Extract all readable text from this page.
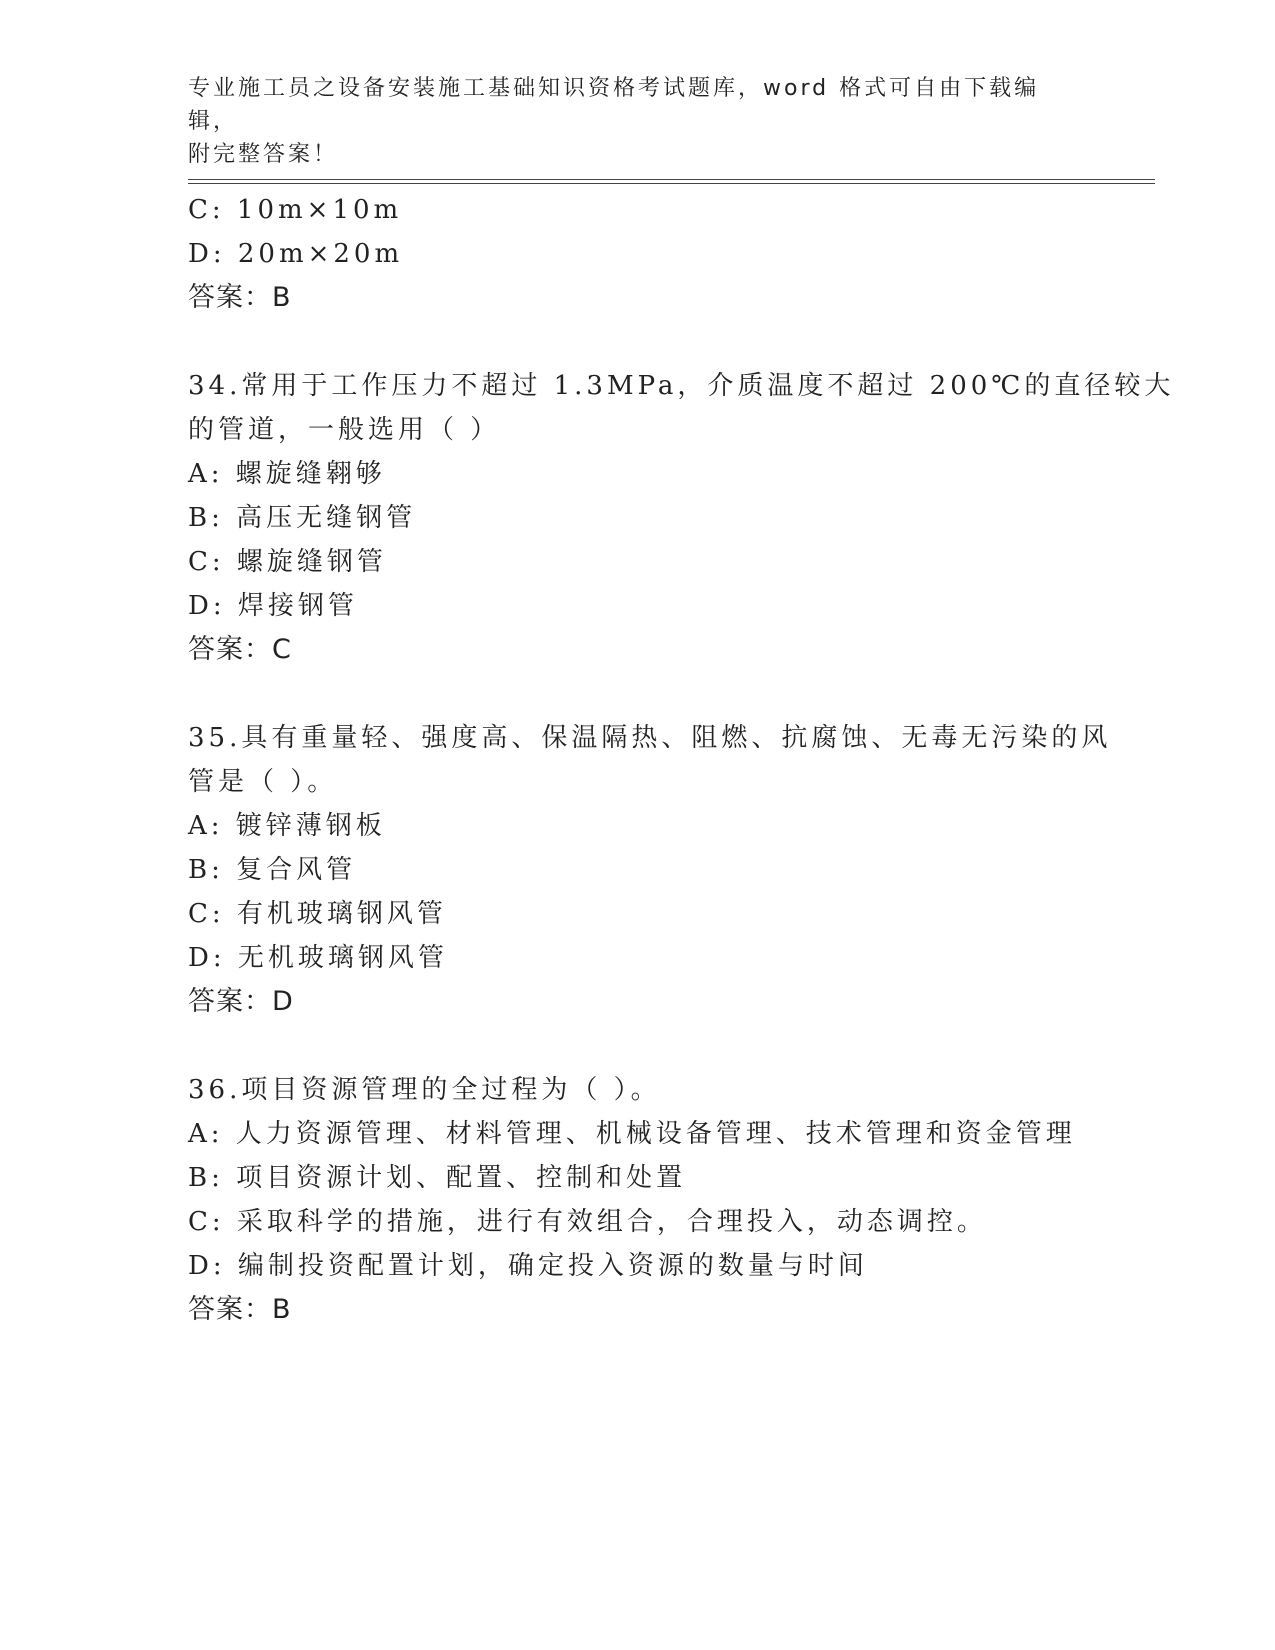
专业施工员之设备安装施工基础知识资格考试题库，word 格式可自由下载编辑，
附完整答案！
C: 10m×10m
D: 20m×20m
答案：B
34.常用于工作压力不超过 1.3MPa，介质温度不超过 200℃的直径较大
的管道，一般选用（ ）
A: 螺旋缝翱够
B: 高压无缝钢管
C: 螺旋缝钢管
D: 焊接钢管
答案：C
35.具有重量轻、强度高、保温隔热、阻燃、抗腐蚀、无毒无污染的风
管是（ ）。
A: 镀锌薄钢板
B: 复合风管
C: 有机玻璃钢风管
D: 无机玻璃钢风管
答案：D
36.项目资源管理的全过程为（ ）。
A: 人力资源管理、材料管理、机械设备管理、技术管理和资金管理
B: 项目资源计划、配置、控制和处置
C: 采取科学的措施，进行有效组合，合理投入，动态调控。
D: 编制投资配置计划，确定投入资源的数量与时间
答案：B
